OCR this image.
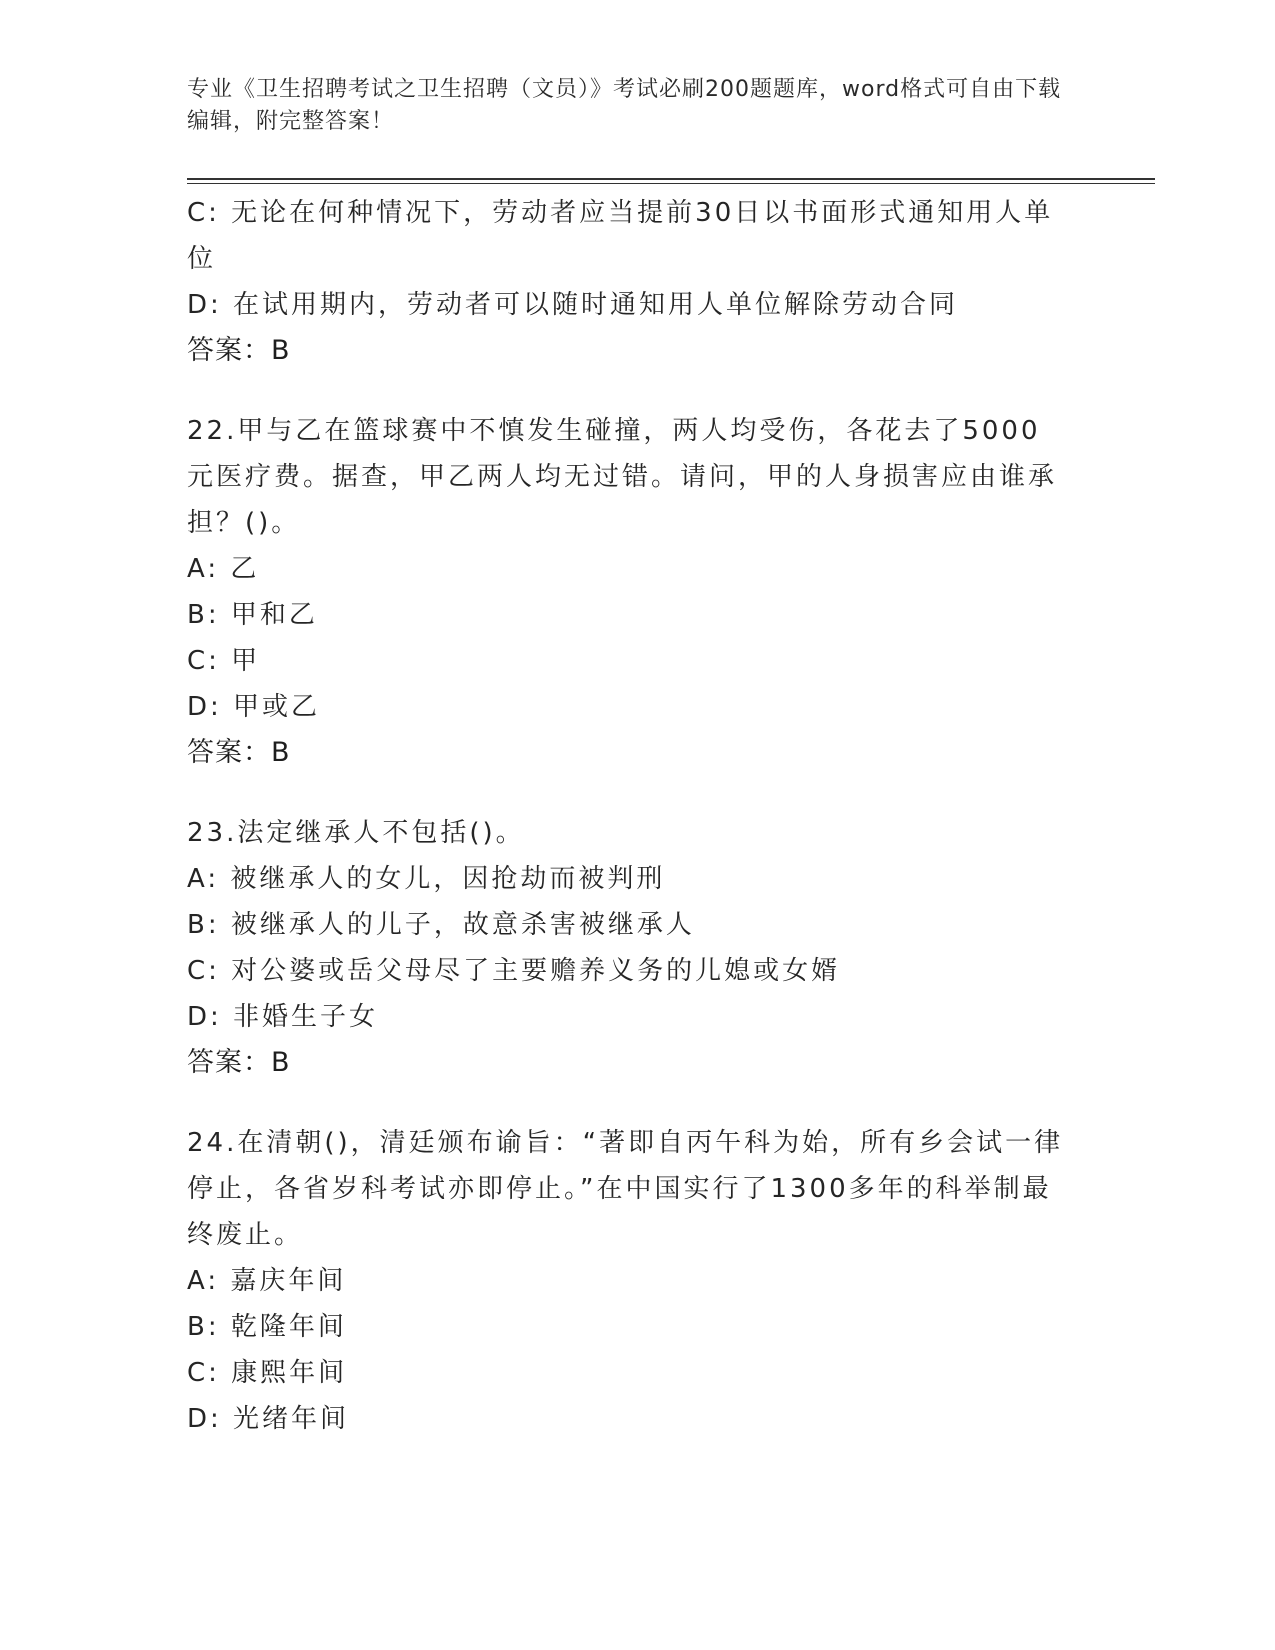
专业《卫生招聘考试之卫生招聘（文员）》考试必刷200题题库，word格式可自由下载编辑，附完整答案！
C: 无论在何种情况下，劳动者应当提前30日以书面形式通知用人单位
D: 在试用期内，劳动者可以随时通知用人单位解除劳动合同
答案：B
22.甲与乙在篮球赛中不慎发生碰撞，两人均受伤，各花去了5000元医疗费。据查，甲乙两人均无过错。请问，甲的人身损害应由谁承担？()。
A: 乙
B: 甲和乙
C: 甲
D: 甲或乙
答案：B
23.法定继承人不包括()。
A: 被继承人的女儿，因抢劫而被判刑
B: 被继承人的儿子，故意杀害被继承人
C: 对公婆或岳父母尽了主要赡养义务的儿媳或女婿
D: 非婚生子女
答案：B
24.在清朝()，清廷颁布谕旨：“著即自丙午科为始，所有乡会试一律停止，各省岁科考试亦即停止。”在中国实行了1300多年的科举制最终废止。
A: 嘉庆年间
B: 乾隆年间
C: 康熙年间
D: 光绪年间
